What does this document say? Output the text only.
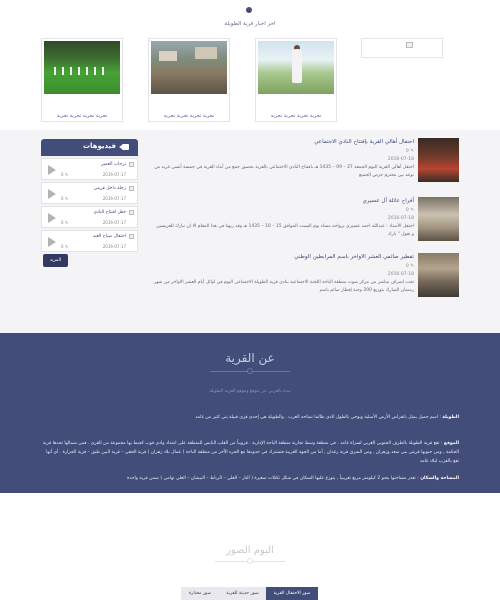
اخر اخبار قرية الطويلة
تجربة تجربة تجربة تجربة
تجربة تجربة تجربة تجربة
تجربة تجربة تجربة تجربة
احتفال أهالي القرية بإفتتاح النادي الاجتماعي
✎ 0
2016-07-18
احتفل أهالي القرية اليوم الجمعة 27 – 09 – 1435 هـ بافتتاح النادي الاجتماعي بالقرية بحضور جمع من أبناء القرية في جمسة أنسي غريد من نوعه بين محترم حرص الجميع
أفراح عائلة آل عسيري
✎ 0
2016-07-18
احتفل الأستاذ : عبدالله احمد عسيري بزواجه مساء يوم السبت الموافق 15 – 10 – 1435 هـ وقد ربهنا في هذا المقام الا ان نبارك للعريسين و نقول " بارك
تفطير صائمي العشر الاواخر باسم المرابطين الوطني
✎ 0
2016-07-18
تحت اشراف مباشر من مركز صوت منطقة الباحة اللجنة الاجتماعية بنادي قرية الطويلة الاجتماعي اليوم في اوائل أيام العشر الاواخر من شهر رمضان المبارك بتوزيع 200 وجبة إفطار صائم باسم
فيديوهات
ترحاب العمير
2016-07-17
✎ 0
رحلة داخل قريتي
2016-07-17
✎ 0
حفل افتتاح النادي
2016-07-17
✎ 0
احتفال صباح العيد
2016-07-17
✎ 0
المزيد
عن القرية
نبذة بالعربي عن موقع وموقع القرية الطويلة
الطويلة : اسم جميل يمثل بانقراض الأرض الأصلية ويوحي بالطول الذي طالما تمتاحه العرب . والطويلة هي إحدى قرى قبيلة بني كثير من غامد
الموقع : تقع قرية الطويلة بالطرف الجنوبي الغربي لسراة غامد . في منطقة وسط تجارية منطقة الباحة الإدارية . قرويباً من القلب النابض للمنطقة على امتداد وادي قوب كجبط بها مجموعة من القرى . فمن شمالها تحدها قرية الحكمة , ومن جنوبها قريتي بني سعد وزهران , ومن الشرق قرية رغدان , أما من الجهة الغربية فتشترك في حدودها مع الجزء الآخر من منطقة الباحة ( عمال بلاد زهران ) قرية الحقي – قرية البين طبق – قرية الجزارة . أي أنها تقع بالقرب لبلاد غامد
المساحة والسكان : تقدر مساحتها بنحو 2 كيلومتر مربع تقريبياً , يتوزع عليها السكان في شكل تكتلات صغيرة ( النار – العلي – الرباط – البيشان – العلي تهامي ) ضمن قرية واحدة
البوم الصور
صور الاحتفال القرية
صور حديثة للقرية
صور مختارة
